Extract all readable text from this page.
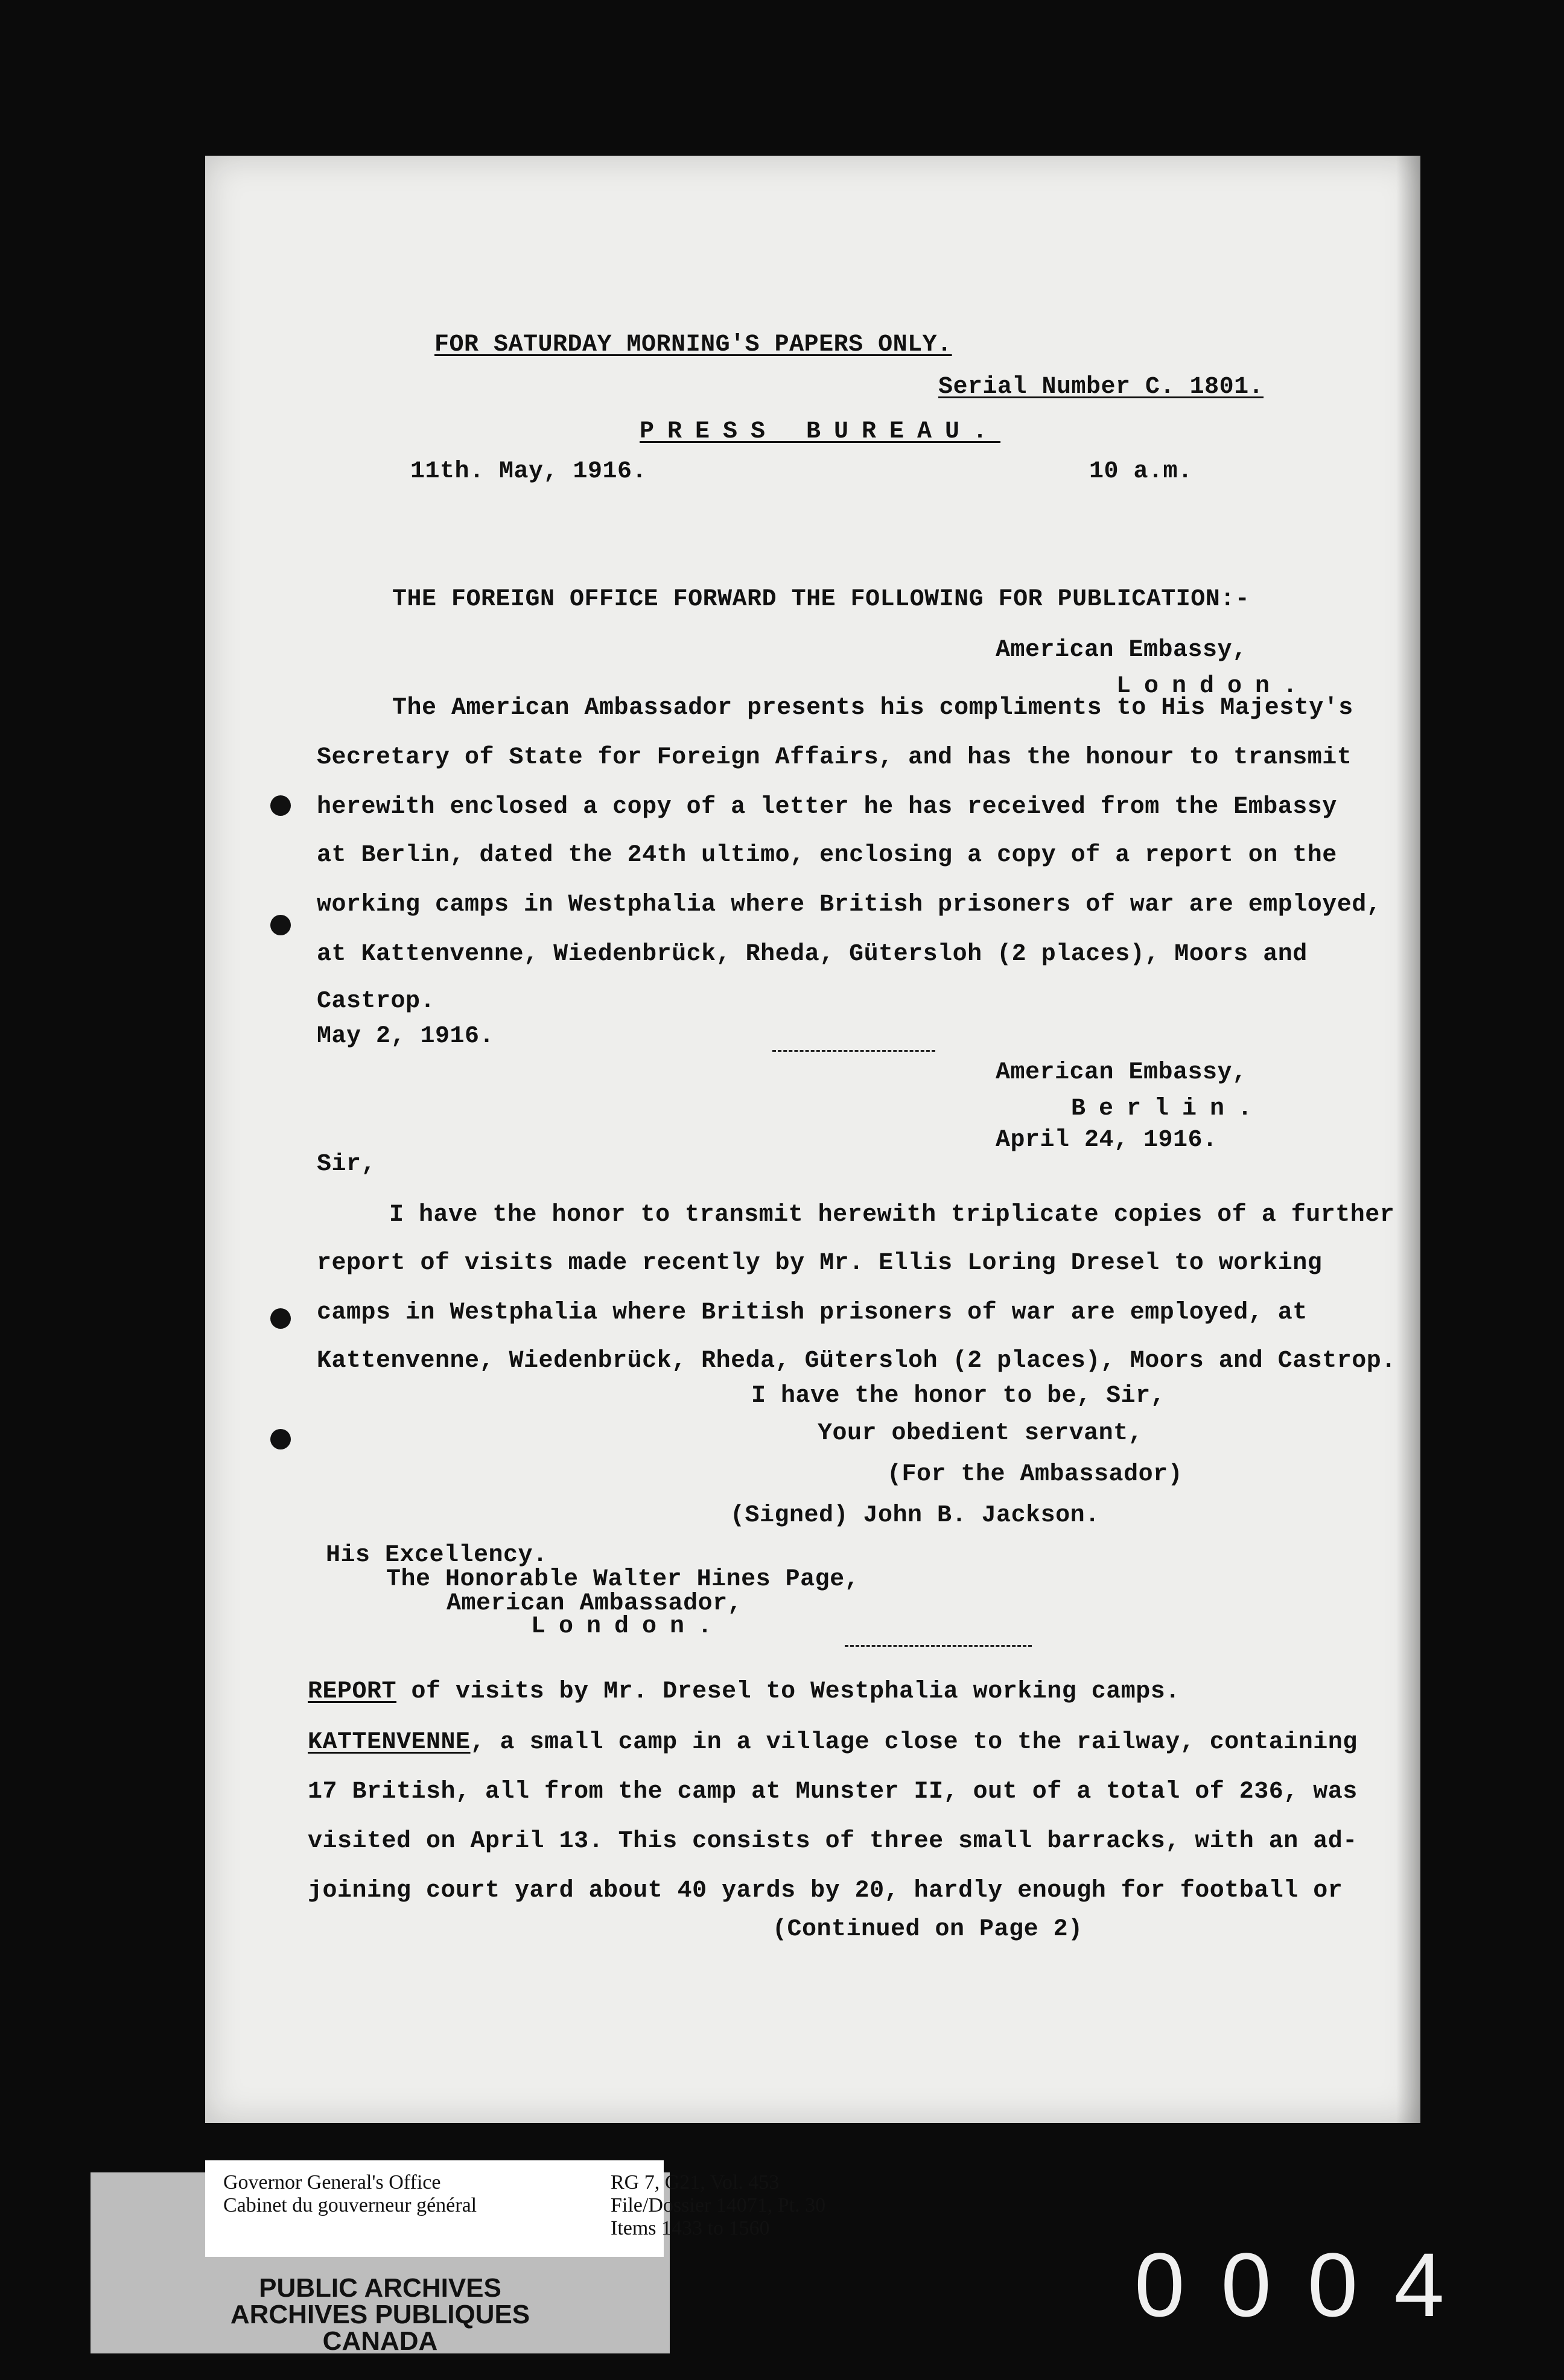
FOR SATURDAY MORNING'S PAPERS ONLY.
Serial Number C. 1801.
PRESS BUREAU.
11th. May, 1916.	10 a.m.
THE FOREIGN OFFICE FORWARD THE FOLLOWING FOR PUBLICATION:-
American Embassy,
London.
The American Ambassador presents his compliments to His Majesty's
Secretary of State for Foreign Affairs, and has the honour to transmit
herewith enclosed a copy of a letter he has received from the Embassy
at Berlin, dated the 24th ultimo, enclosing a copy of a report on the
working camps in Westphalia where British prisoners of war are employed,
at Kattenvenne, Wiedenbrück, Rheda, Gütersloh (2 places), Moors and
Castrop.
May 2, 1916.
American Embassy,
Berlin.
April 24, 1916.
Sir,
I have the honor to transmit herewith triplicate copies of a further
report of visits made recently by Mr. Ellis Loring Dresel to working
camps in Westphalia where British prisoners of war are employed, at
Kattenvenne, Wiedenbrück, Rheda, Gütersloh (2 places), Moors and Castrop.
I have the honor to be, Sir,
Your obedient servant,
(For the Ambassador)
(Signed) John B. Jackson.
His Excellency.
The Honorable Walter Hines Page,
American Ambassador,
London.
REPORT of visits by Mr. Dresel to Westphalia working camps.
KATTENVENNE, a small camp in a village close to the railway, containing
17 British, all from the camp at Munster II, out of a total of 236, was
visited on April 13. This consists of three small barracks, with an ad-
joining court yard about 40 yards by 20, hardly enough for football or
(Continued on Page 2)
Governor General's Office
Cabinet du gouverneur général
RG 7, G21, Vol. 453
File/Dossier 14071, Pt. 30
Items 1433 to 1560
PUBLIC ARCHIVES
ARCHIVES PUBLIQUES
CANADA
0004
